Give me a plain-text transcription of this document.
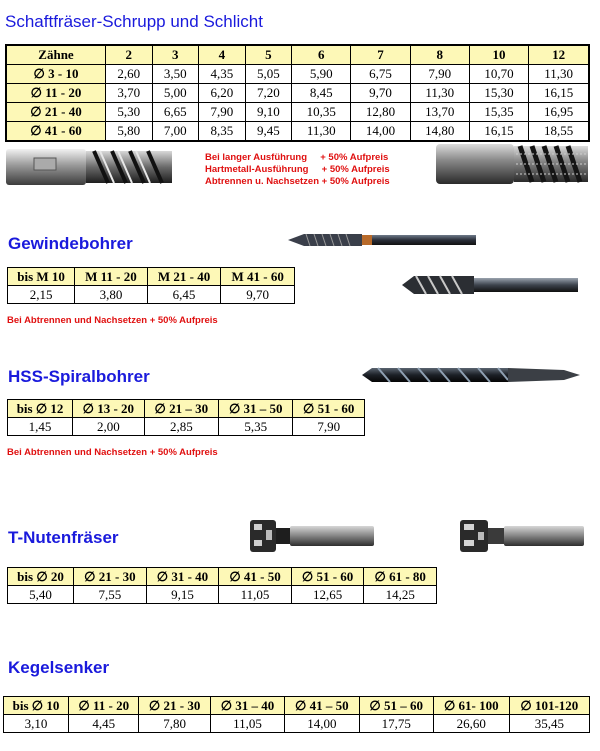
Schaftfräser-Schrupp und Schlicht
Zähne	2	3	4	5	6	7	8	10	12
∅ 3 - 10	2,60	3,50	4,35	5,05	5,90	6,75	7,90	10,70	11,30
∅ 11 - 20	3,70	5,00	6,20	7,20	8,45	9,70	11,30	15,30	16,15
∅ 21 - 40	5,30	6,65	7,90	9,10	10,35	12,80	13,70	15,35	16,95
∅ 41 - 60	5,80	7,00	8,35	9,45	11,30	14,00	14,80	16,15	18,55
Bei langer Ausführung     + 50% Aufpreis
Hartmetall-Ausführung     + 50% Aufpreis
Abtrennen u. Nachsetzen + 50% Aufpreis
Gewindebohrer
bis M 10	M 11 - 20	M 21 - 40	M 41 - 60
2,15	3,80	6,45	9,70
Bei Abtrennen und Nachsetzen + 50% Aufpreis
HSS-Spiralbohrer
bis ∅ 12	∅ 13 - 20	∅ 21 – 30	∅ 31 – 50	∅ 51 - 60
1,45	2,00	2,85	5,35	7,90
Bei Abtrennen und Nachsetzen + 50% Aufpreis
T-Nutenfräser
bis ∅ 20	∅ 21 - 30	∅ 31 - 40	∅ 41 - 50	∅ 51 - 60	∅ 61 - 80
5,40	7,55	9,15	11,05	12,65	14,25
Kegelsenker
bis ∅ 10	∅ 11 - 20	∅ 21 - 30	∅ 31 – 40	∅ 41 – 50	∅ 51 – 60	∅ 61- 100	∅ 101-120
3,10	4,45	7,80	11,05	14,00	17,75	26,60	35,45
